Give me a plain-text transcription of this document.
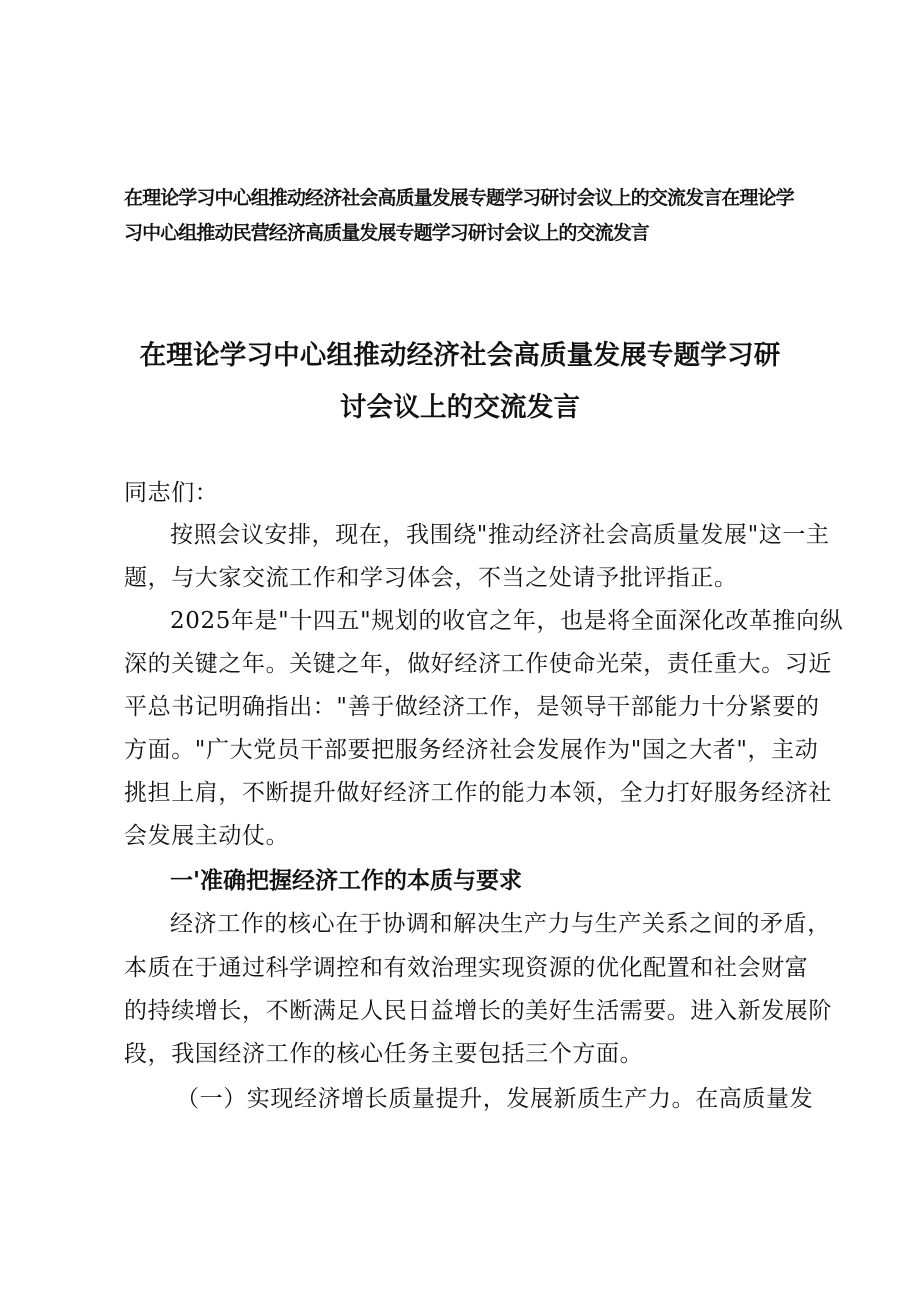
在理论学习中心组推动经济社会高质量发展专题学习研讨会议上的交流发言在理论学
习中心组推动民营经济高质量发展专题学习研讨会议上的交流发言
在理论学习中心组推动经济社会高质量发展专题学习研
讨会议上的交流发言
同志们：
按照会议安排，现在，我围绕"推动经济社会高质量发展"这一主
题，与大家交流工作和学习体会，不当之处请予批评指正。
2025年是"十四五"规划的收官之年，也是将全面深化改革推向纵
深的关键之年。关键之年，做好经济工作使命光荣，责任重大。习近
平总书记明确指出："善于做经济工作，是领导干部能力十分紧要的
方面。"广大党员干部要把服务经济社会发展作为"国之大者"，主动
挑担上肩，不断提升做好经济工作的能力本领，全力打好服务经济社
会发展主动仗。
一'准确把握经济工作的本质与要求
经济工作的核心在于协调和解决生产力与生产关系之间的矛盾，
本质在于通过科学调控和有效治理实现资源的优化配置和社会财富
的持续增长，不断满足人民日益增长的美好生活需要。进入新发展阶
段，我国经济工作的核心任务主要包括三个方面。
（一）实现经济增长质量提升，发展新质生产力。在高质量发
